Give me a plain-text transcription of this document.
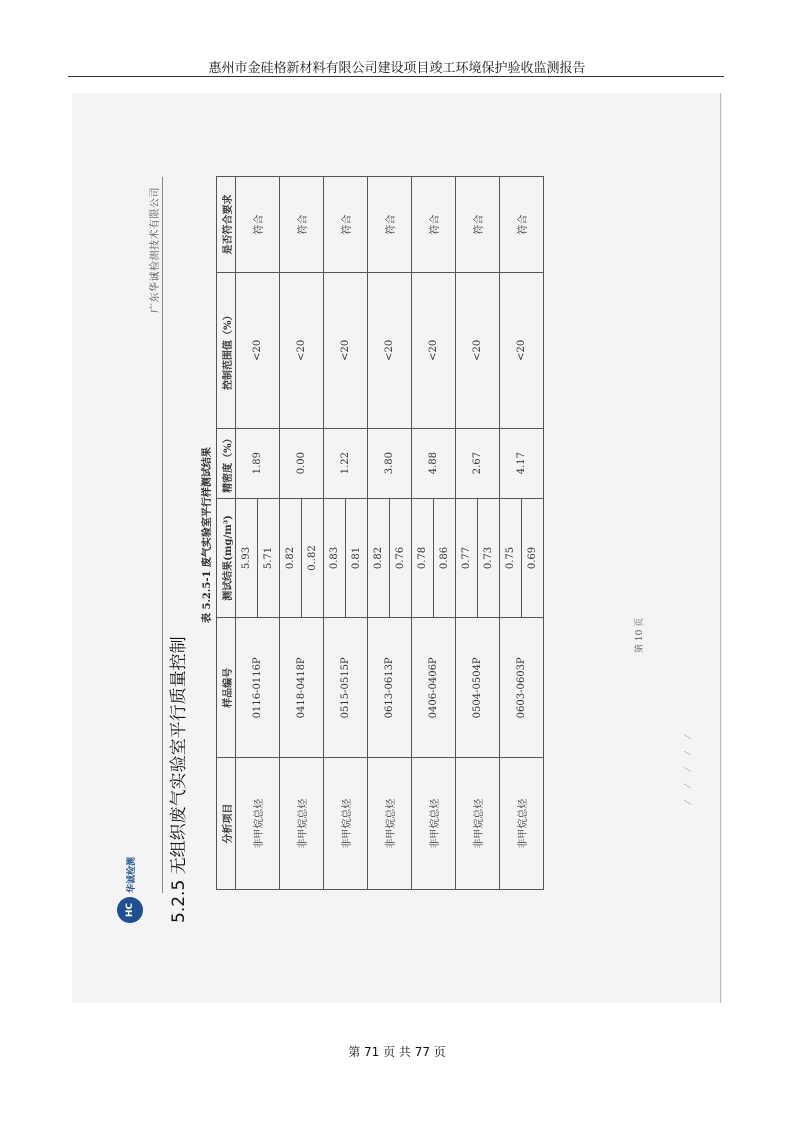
惠州市金硅格新材料有限公司建设项目竣工环境保护验收监测报告
HC
华诚检测
广东华诚检测技术有限公司
5.2.5 无组织废气实验室平行质量控制
表 5.2.5-1 废气实验室平行样测试结果
分析项目	样品编号	测试结果(mg/m³)	精密度（%）	控制范围值（%）	是否符合要求
非甲烷总烃	0116-0116P	5.93	1.89	<20	符合
		5.71			
非甲烷总烃	0418-0418P	0.82	0.00	<20	符合
		0..82			
非甲烷总烃	0515-0515P	0.83	1.22	<20	符合
		0.81			
非甲烷总烃	0613-0613P	0.82	3.80	<20	符合
		0.76			
非甲烷总烃	0406-0406P	0.78	4.88	<20	符合
		0.86			
非甲烷总烃	0504-0504P	0.77	2.67	<20	符合
		0.73			
非甲烷总烃	0603-0603P	0.75	4.17	<20	符合
		0.69			
第 10 页
⁄ ⁄ ⁄ ⁄ ⁄
第 71 页 共 77 页
